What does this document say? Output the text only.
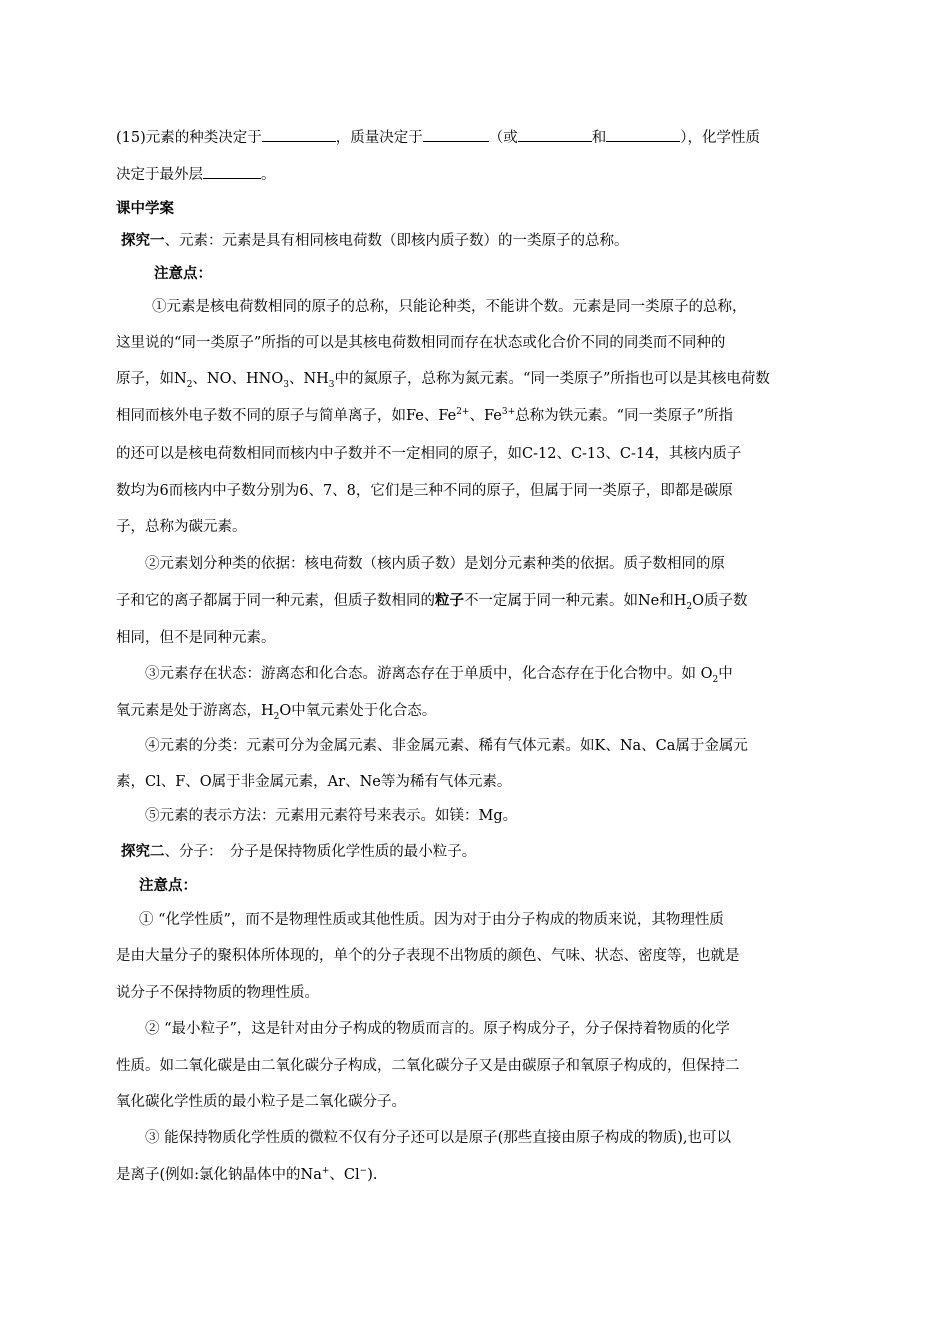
(15)元素的种类决定于	，质量决定于	（或	和	），化学性质
决定于最外层	。
课中学案
探究一、元素：元素是具有相同核电荷数（即核内质子数）的一类原子的总称。
注意点：
①元素是核电荷数相同的原子的总称，只能论种类，不能讲个数。元素是同一类原子的总称，
这里说的“同一类原子”所指的可以是其核电荷数相同而存在状态或化合价不同的同类而不同种的
原子，如$N_2$、NO、$HNO_3$、$NH_3$中的氮原子，总称为氮元素。“同一类原子”所指也可以是其核电荷数
相同而核外电子数不同的原子与简单离子，如Fe、$Fe^{2+}$、$Fe^{3+}$总称为铁元素。“同一类原子”所指
的还可以是核电荷数相同而核内中子数并不一定相同的原子，如C-12、C-13、C-14，其核内质子
数均为6而核内中子数分别为6、7、8，它们是三种不同的原子，但属于同一类原子，即都是碳原
子，总称为碳元素。
②元素划分种类的依据：核电荷数（核内质子数）是划分元素种类的依据。质子数相同的原
子和它的离子都属于同一种元素，但质子数相同的粒子不一定属于同一种元素。如Ne和$H_2O$质子数
相同，但不是同种元素。
③元素存在状态：游离态和化合态。游离态存在于单质中，化合态存在于化合物中。如 $O_2$中
氧元素是处于游离态，$H_2O$中氧元素处于化合态。
④元素的分类：元素可分为金属元素、非金属元素、稀有气体元素。如K、Na、Ca属于金属元
素，Cl、F、O属于非金属元素，Ar、Ne等为稀有气体元素。
⑤元素的表示方法：元素用元素符号来表示。如镁：Mg。
探究二、分子：　分子是保持物质化学性质的最小粒子。
注意点：
① “化学性质”，而不是物理性质或其他性质。因为对于由分子构成的物质来说，其物理性质
是由大量分子的聚积体所体现的，单个的分子表现不出物质的颜色、气味、状态、密度等，也就是
说分子不保持物质的物理性质。
② “最小粒子”，这是针对由分子构成的物质而言的。原子构成分子，分子保持着物质的化学
性质。如二氧化碳是由二氧化碳分子构成，二氧化碳分子又是由碳原子和氧原子构成的，但保持二
氧化碳化学性质的最小粒子是二氧化碳分子。
③ 能保持物质化学性质的微粒不仅有分子还可以是原子(那些直接由原子构成的物质),也可以
是离子(例如:氯化钠晶体中的Na+、Cl−).
